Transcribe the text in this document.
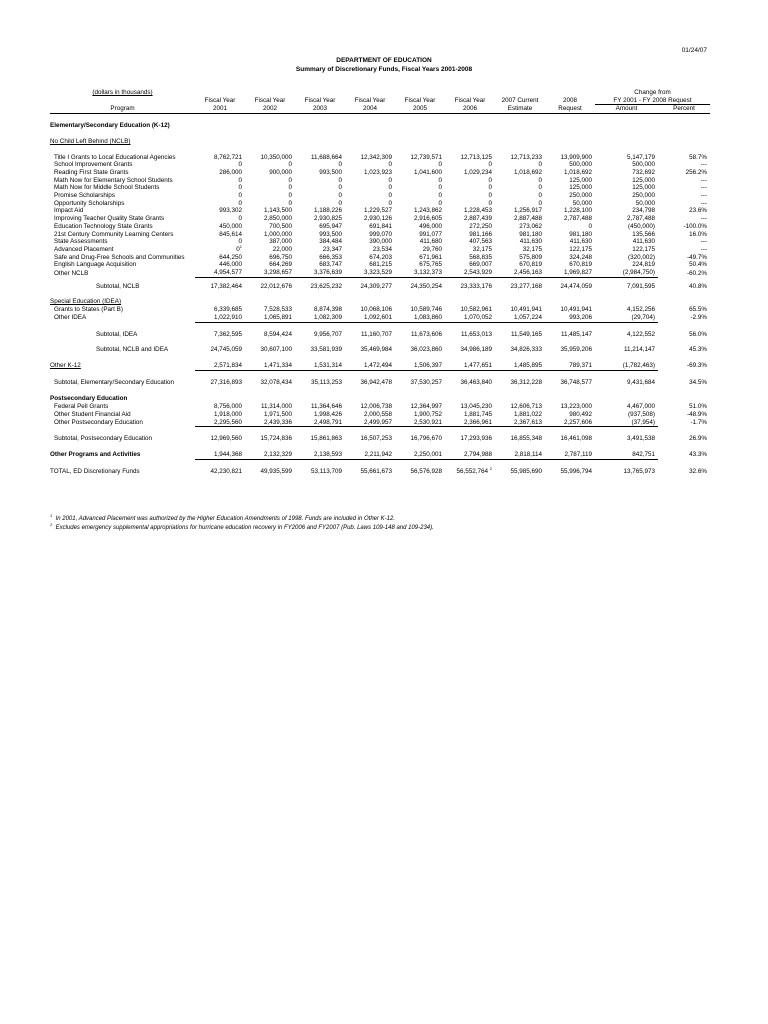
01/24/07
DEPARTMENT OF EDUCATION
Summary of Discretionary Funds, Fiscal Years 2001-2008
(dollars in thousands)									Change from	
	Fiscal Year	Fiscal Year	Fiscal Year	Fiscal Year	Fiscal Year	Fiscal Year	2007 Current	2008	FY 2001 - FY 2008 Request	
Program	2001	2002	2003	2004	2005	2006	Estimate	Request	Amount	Percent

Elementary/Secondary Education (K-12)										

No Child Left Behind (NCLB)										

Title I Grants to Local Educational Agencies	8,762,721	10,350,000	11,688,664	12,342,309	12,739,571	12,713,125	12,713,233	13,909,900	5,147,179	58.7%
School Improvement Grants	0	0	0	0	0	0	0	500,000	500,000	---
Reading First State Grants	286,000	900,000	993,500	1,023,923	1,041,600	1,029,234	1,018,692	1,018,692	732,692	256.2%
Math Now for Elementary School Students	0	0	0	0	0	0	0	125,000	125,000	---
Math Now for Middle School Students	0	0	0	0	0	0	0	125,000	125,000	---
Promise Scholarships	0	0	0	0	0	0	0	250,000	250,000	---
Opportunity Scholarships	0	0	0	0	0	0	0	50,000	50,000	---
Impact Aid	993,302	1,143,500	1,188,226	1,229,527	1,243,862	1,228,453	1,256,917	1,228,100	234,798	23.6%
Improving Teacher Quality State Grants	0	2,850,000	2,930,825	2,930,126	2,916,605	2,887,439	2,887,488	2,787,488	2,787,488	---
Education Technology State Grants	450,000	700,500	695,947	691,841	496,000	272,250	273,062	0	(450,000)	-100.0%
21st Century Community Learning Centers	845,614	1,000,000	993,500	999,070	991,077	981,166	981,180	981,180	135,566	16.0%
State Assessments	0	387,000	384,484	390,000	411,680	407,563	411,630	411,630	411,630	---
Advanced Placement	$0^1$	22,000	23,347	23,534	29,760	32,175	32,175	122,175	122,175	---
Safe and Drug-Free Schools and Communities	644,250	696,750	666,353	674,203	671,961	568,835	575,809	324,248	(320,002)	-49.7%
English Language Acquisition	446,000	664,269	683,747	681,215	675,765	669,007	670,819	670,819	224,819	50.4%
Other NCLB	4,954,577	3,298,657	3,376,639	3,323,529	3,132,373	2,543,929	2,456,163	1,969,827	(2,984,750)	-60.2%

Subtotal, NCLB	17,382,464	22,012,676	23,625,232	24,309,277	24,350,254	23,333,176	23,277,168	24,474,059	7,091,595	40.8%

Special Education (IDEA)										
Grants to States (Part B)	6,339,685	7,528,533	8,874,398	10,068,106	10,589,746	10,582,961	10,491,941	10,491,941	4,152,256	65.5%
Other IDEA	1,022,910	1,065,891	1,082,309	1,092,601	1,083,860	1,070,052	1,057,224	993,206	(29,704)	-2.9%

Subtotal, IDEA	7,362,595	8,594,424	9,956,707	11,160,707	11,673,606	11,653,013	11,549,165	11,485,147	4,122,552	56.0%

Subtotal, NCLB and IDEA	24,745,059	30,607,100	33,581,939	35,469,984	36,023,860	34,986,189	34,826,333	35,959,206	11,214,147	45.3%

Other K-12	2,571,834	1,471,334	1,531,314	1,472,494	1,506,397	1,477,651	1,485,895	789,371	(1,782,463)	-69.3%

Subtotal, Elementary/Secondary Education	27,316,893	32,078,434	35,113,253	36,942,478	37,530,257	36,463,840	36,312,228	36,748,577	9,431,684	34.5%

Postsecondary Education										
Federal Pell Grants	8,756,000	11,314,000	11,364,646	12,006,738	12,364,997	13,045,230	12,606,713	13,223,000	4,467,000	51.0%
Other Student Financial Aid	1,918,000	1,971,500	1,998,426	2,000,558	1,900,752	1,881,745	1,881,022	980,492	(937,508)	-48.9%
Other Postsecondary Education	2,295,560	2,439,336	2,498,791	2,499,957	2,530,921	2,366,961	2,367,613	2,257,606	(37,954)	-1.7%

Subtotal, Postsecondary Education	12,969,560	15,724,836	15,861,863	16,507,253	16,796,670	17,293,936	16,855,348	16,461,098	3,491,538	26.9%

Other Programs and Activities	1,944,368	2,132,329	2,138,593	2,211,942	2,250,001	2,794,988	2,818,114	2,787,119	842,751	43.3%

TOTAL, ED Discretionary Funds	42,230,821	49,935,599	53,113,709	55,661,673	56,576,928	56,552,764 $^2$	55,985,690	55,996,794	13,765,973	32.6%
$^1$  In 2001, Advanced Placement was authorized by the Higher Education Amendments of 1998. Funds are included in Other K-12.
$^2$  Excludes emergency supplemental appropriations for hurricane education recovery in FY2006 and FY2007 (Pub. Laws 109-148 and 109-234).
